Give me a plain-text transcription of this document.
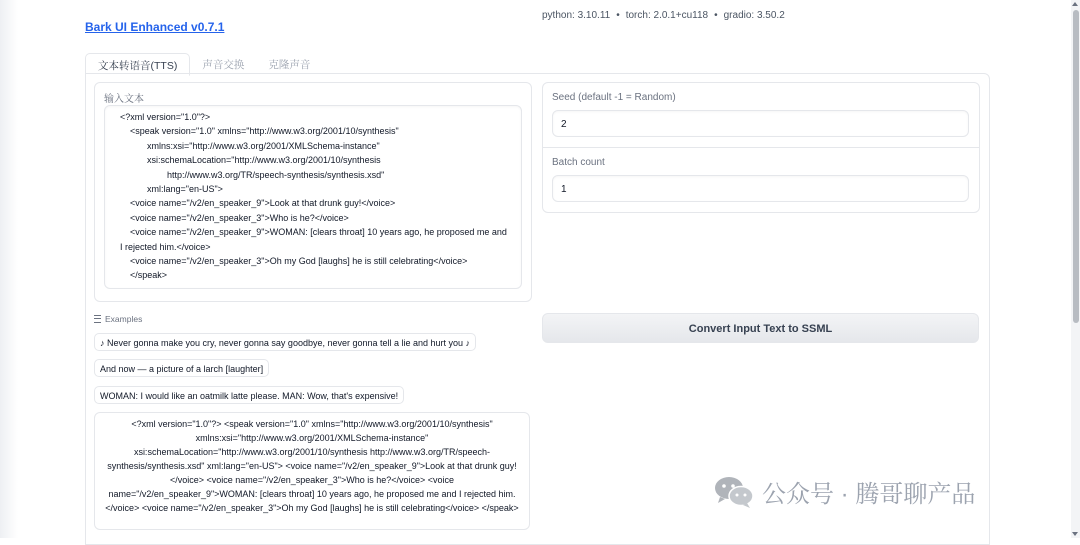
Bark UI Enhanced v0.7.1
python: 3.10.11 • torch: 2.0.1+cu118 • gradio: 3.50.2
文本转语音(TTS)	声音交换	克隆声音
输入文本
<?xml version="1.0"?>
<speak version="1.0" xmlns="http://www.w3.org/2001/10/synthesis"
xmlns:xsi="http://www.w3.org/2001/XMLSchema-instance"
xsi:schemaLocation="http://www.w3.org/2001/10/synthesis
http://www.w3.org/TR/speech-synthesis/synthesis.xsd"
xml:lang="en-US">
<voice name="/v2/en_speaker_9">Look at that drunk guy!</voice>
<voice name="/v2/en_speaker_3">Who is he?</voice>
<voice name="/v2/en_speaker_9">WOMAN: [clears throat] 10 years ago, he proposed me and
I rejected him.</voice>
<voice name="/v2/en_speaker_3">Oh my God [laughs] he is still celebrating</voice>
</speak>
Seed (default -1 = Random)
2
Batch count
1
Convert Input Text to SSML
Examples
♪ Never gonna make you cry, never gonna say goodbye, never gonna tell a lie and hurt you ♪
And now — a picture of a larch [laughter]
WOMAN: I would like an oatmilk latte please. MAN: Wow, that's expensive!
<?xml version="1.0"?> <speak version="1.0" xmlns="http://www.w3.org/2001/10/synthesis" xmlns:xsi="http://www.w3.org/2001/XMLSchema-instance" xsi:schemaLocation="http://www.w3.org/2001/10/synthesis http://www.w3.org/TR/speech-synthesis/synthesis.xsd" xml:lang="en-US"> <voice name="/v2/en_speaker_9">Look at that drunk guy!</voice> <voice name="/v2/en_speaker_3">Who is he?</voice> <voice name="/v2/en_speaker_9">WOMAN: [clears throat] 10 years ago, he proposed me and I rejected him.</voice> <voice name="/v2/en_speaker_3">Oh my God [laughs] he is still celebrating</voice> </speak>	公众号 · 腾哥聊产品
